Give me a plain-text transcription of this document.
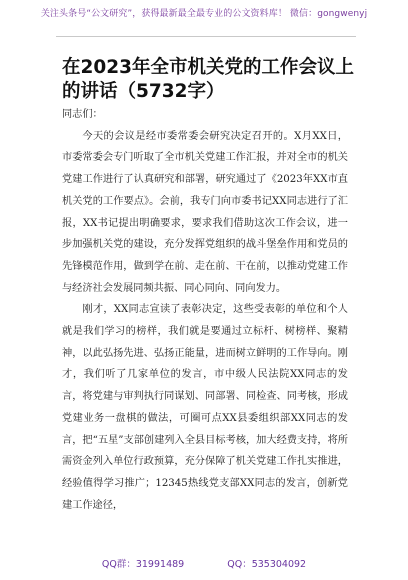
关注头条号“公文研究”，获得最新最全最专业的公文资料库！ 微信：gongwenyj
在2023年全市机关党的工作会议上的讲话（5732字）

同志们：

今天的会议是经市委常委会研究决定召开的。X月XX日，市委常委会专门听取了全市机关党建工作汇报，并对全市的机关党建工作进行了认真研究和部署，研究通过了《2023年XX市直机关党的工作要点》。会前，我专门向市委书记XX同志进行了汇报，XX书记提出明确要求，要求我们借助这次工作会议，进一步加强机关党的建设，充分发挥党组织的战斗堡垒作用和党员的先锋模范作用，做到学在前、走在前、干在前，以推动党建工作与经济社会发展同频共振、同心同向、同向发力。

刚才，XX同志宣读了表彰决定，这些受表彰的单位和个人就是我们学习的榜样，我们就是要通过立标杆、树榜样、聚精神，以此弘扬先进、弘扬正能量，进而树立鲜明的工作导向。刚才，我们听了几家单位的发言，市中级人民法院XX同志的发言，将党建与审判执行同谋划、同部署、同检查、同考核，形成党建业务一盘棋的做法，可圈可点XX县委组织部XX同志的发言，把“五星”支部创建列入全县目标考核，加大经费支持，将所需资金列入单位行政预算，充分保障了机关党建工作扎实推进，经验值得学习推广；12345热线党支部XX同志的发言，创新党建工作途径，

QQ群：31991489	QQ：535304092
